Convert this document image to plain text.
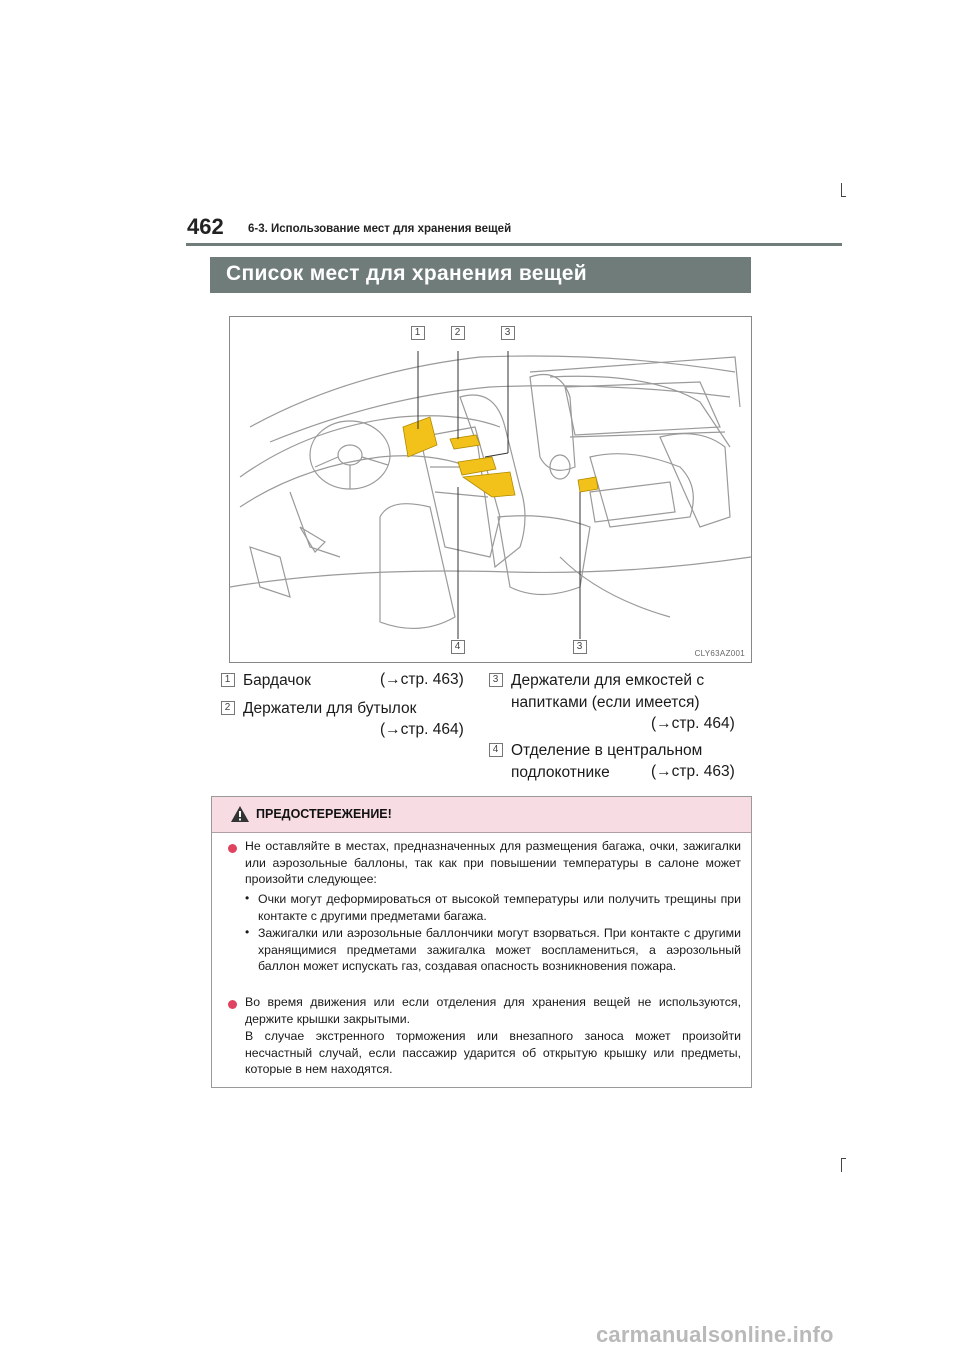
462 6-3. Использование мест для хранения вещей
Список мест для хранения вещей
1	2	3
4	3
CLY63AZ001
1 Бардачок	(→стр. 463)
2 Держатели для бутылок
(→стр. 464)
3 Держатели для емкостей с
напитками (если имеется)
(→стр. 464)
4 Отделение в центральном
подлокотнике	(→стр. 463)
ПРЕДОСТЕРЕЖЕНИЕ!
Не оставляйте в местах, предназначенных для размещения багажа, очки, зажигалки или аэрозольные баллоны, так как при повышении температуры в салоне может произойти следующее:
• Очки могут деформироваться от высокой температуры или получить трещины при контакте с другими предметами багажа.
• Зажигалки или аэрозольные баллончики могут взорваться. При контакте с другими хранящимися предметами зажигалка может воспламениться, а аэрозольный баллон может испускать газ, создавая опасность возникновения пожара.
Во время движения или если отделения для хранения вещей не используются, держите крышки закрытыми.
В случае экстренного торможения или внезапного заноса может произойти несчастный случай, если пассажир ударится об открытую крышку или предметы, которые в нем находятся.
carmanualsonline.info
